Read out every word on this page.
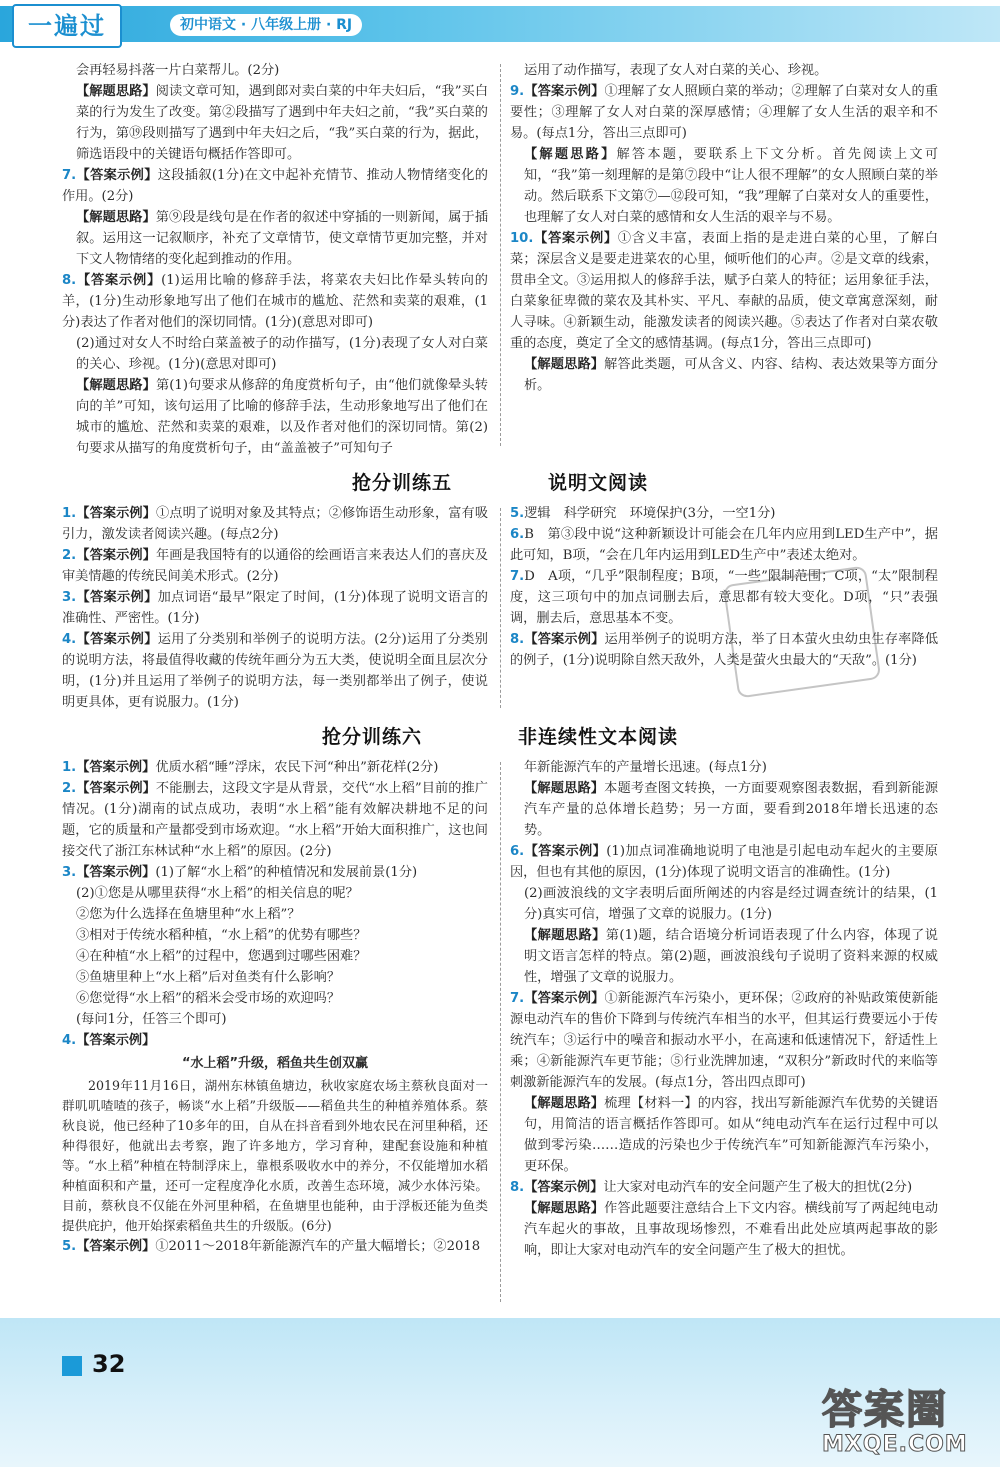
一遍过	初中语文 · 八年级上册 · RJ

会再轻易抖落一片白菜帮儿。(2分)

【解题思路】阅读文章可知，遇到郎对卖白菜的中年夫妇后，“我”买白菜的行为发生了改变。第②段描写了遇到中年夫妇之前，“我”买白菜的行为，第⑲段则描写了遇到中年夫妇之后，“我”买白菜的行为，据此，筛选语段中的关键语句概括作答即可。

7.【答案示例】这段插叙(1分)在文中起补充情节、推动人物情绪变化的作用。(2分)

【解题思路】第⑨段是线句是在作者的叙述中穿插的一则新闻，属于插叙。运用这一记叙顺序，补充了文章情节，使文章情节更加完整，并对下文人物情绪的变化起到推动的作用。

8.【答案示例】(1)运用比喻的修辞手法，将菜农夫妇比作晕头转向的羊，(1分)生动形象地写出了他们在城市的尴尬、茫然和卖菜的艰难，(1分)表达了作者对他们的深切同情。(1分)(意思对即可)

(2)通过对女人不时给白菜盖被子的动作描写，(1分)表现了女人对白菜的关心、珍视。(1分)(意思对即可)

【解题思路】第(1)句要求从修辞的角度赏析句子，由“他们就像晕头转向的羊”可知，该句运用了比喻的修辞手法，生动形象地写出了他们在城市的尴尬、茫然和卖菜的艰难，以及作者对他们的深切同情。第(2)句要求从描写的角度赏析句子，由“盖盖被子”可知句子

运用了动作描写，表现了女人对白菜的关心、珍视。

9.【答案示例】①理解了女人照顾白菜的举动；②理解了白菜对女人的重要性；③理解了女人对白菜的深厚感情；④理解了女人生活的艰辛和不易。(每点1分，答出三点即可)

【解题思路】解答本题，要联系上下文分析。首先阅读上文可知，“我”第一刻理解的是第⑦段中“让人很不理解”的女人照顾白菜的举动。然后联系下文第⑦—⑫段可知，“我”理解了白菜对女人的重要性，也理解了女人对白菜的感情和女人生活的艰辛与不易。

10.【答案示例】①含义丰富，表面上指的是走进白菜的心里，了解白菜；深层含义是要走进菜农的心里，倾听他们的心声。②是文章的线索，贯串全文。③运用拟人的修辞手法，赋予白菜人的特征；运用象征手法，白菜象征卑微的菜农及其朴实、平凡、奉献的品质，使文章寓意深刻，耐人寻味。④新颖生动，能激发读者的阅读兴趣。⑤表达了作者对白菜农敬重的态度，奠定了全文的感情基调。(每点1分，答出三点即可)

【解题思路】解答此类题，可从含义、内容、结构、表达效果等方面分析。

抢分训练五	说明文阅读

1.【答案示例】①点明了说明对象及其特点；②修饰语生动形象，富有吸引力，激发读者阅读兴趣。(每点2分)

2.【答案示例】年画是我国特有的以通俗的绘画语言来表达人们的喜庆及审美情趣的传统民间美术形式。(2分)

3.【答案示例】加点词语“最早”限定了时间，(1分)体现了说明文语言的准确性、严密性。(1分)

4.【答案示例】运用了分类别和举例子的说明方法。(2分)运用了分类别的说明方法，将最值得收藏的传统年画分为五大类，使说明全面且层次分明，(1分)并且运用了举例子的说明方法，每一类别都举出了例子，使说明更具体，更有说服力。(1分)

5.逻辑　科学研究　环境保护(3分，一空1分)

6.B　第③段中说“这种新颖设计可能会在几年内应用到LED生产中”，据此可知，B项，“会在几年内运用到LED生产中”表述太绝对。

7.D　A项，“几乎”限制程度；B项，“一些”限制范围；C项，“太”限制程度，这三项句中的加点词删去后，意思都有较大变化。D项，“只”表强调，删去后，意思基本不变。

8.【答案示例】运用举例子的说明方法，举了日本萤火虫幼虫生存率降低的例子，(1分)说明除自然天敌外，人类是萤火虫最大的“天敌”。(1分)

抢分训练六	非连续性文本阅读

1.【答案示例】优质水稻“睡”浮床，农民下河“种出”新花样(2分)

2.【答案示例】不能删去，这段文字是从背景，交代“水上稻”目前的推广情况。(1分)湖南的试点成功，表明“水上稻”能有效解决耕地不足的问题，它的质量和产量都受到市场欢迎。“水上稻”开始大面积推广，这也间接交代了浙江东林试种“水上稻”的原因。(2分)

3.【答案示例】(1)了解“水上稻”的种植情况和发展前景(1分)

(2)①您是从哪里获得“水上稻”的相关信息的呢？

②您为什么选择在鱼塘里种“水上稻”？

③相对于传统水稻种植，“水上稻”的优势有哪些？

④在种植“水上稻”的过程中，您遇到过哪些困难？

⑤鱼塘里种上“水上稻”后对鱼类有什么影响？

⑥您觉得“水上稻”的稻米会受市场的欢迎吗？

(每问1分，任答三个即可)

4.【答案示例】

“水上稻”升级，稻鱼共生创双赢
2019年11月16日，湖州东林镇鱼塘边，秋收家庭农场主蔡秋良面对一群叽叽喳喳的孩子，畅谈“水上稻”升级版——稻鱼共生的种植养殖体系。蔡秋良说，他已经种了10多年的田，自从在抖音看到外地农民在河里种稻，还种得很好，他就出去考察，跑了许多地方，学习育种，建配套设施和种植等。“水上稻”种植在特制浮床上，靠根系吸收水中的养分，不仅能增加水稻种植面积和产量，还可一定程度净化水质，改善生态环境，减少水体污染。目前，蔡秋良不仅能在外河里种稻，在鱼塘里也能种，由于浮板还能为鱼类提供庇护，他开始探索稻鱼共生的升级版。(6分)

5.【答案示例】①2011～2018年新能源汽车的产量大幅增长；②2018

年新能源汽车的产量增长迅速。(每点1分)

【解题思路】本题考查图文转换，一方面要观察图表数据，看到新能源汽车产量的总体增长趋势；另一方面，要看到2018年增长迅速的态势。

6.【答案示例】(1)加点词准确地说明了电池是引起电动车起火的主要原因，但也有其他的原因，(1分)体现了说明文语言的准确性。(1分)

(2)画波浪线的文字表明后面所阐述的内容是经过调查统计的结果，(1分)真实可信，增强了文章的说服力。(1分)

【解题思路】第(1)题，结合语境分析词语表现了什么内容，体现了说明文语言怎样的特点。第(2)题，画波浪线句子说明了资料来源的权威性，增强了文章的说服力。

7.【答案示例】①新能源汽车污染小，更环保；②政府的补贴政策使新能源电动汽车的售价下降到与传统汽车相当的水平，但其运行费要远小于传统汽车；③运行中的噪音和振动水平小，在高速和低速情况下，舒适性上乘；④新能源汽车更节能；⑤行业洗牌加速，“双积分”新政时代的来临等刺激新能源汽车的发展。(每点1分，答出四点即可)

【解题思路】梳理【材料一】的内容，找出写新能源汽车优势的关键语句，用简洁的语言概括作答即可。如从“纯电动汽车在运行过程中可以做到零污染……造成的污染也少于传统汽车”可知新能源汽车污染小，更环保。

8.【答案示例】让大家对电动汽车的安全问题产生了极大的担忧(2分)

【解题思路】作答此题要注意结合上下文内容。横线前写了两起纯电动汽车起火的事故，且事故现场惨烈，不难看出此处应填两起事故的影响，即让大家对电动汽车的安全问题产生了极大的担忧。

32
答案圈
MXQE.COM
